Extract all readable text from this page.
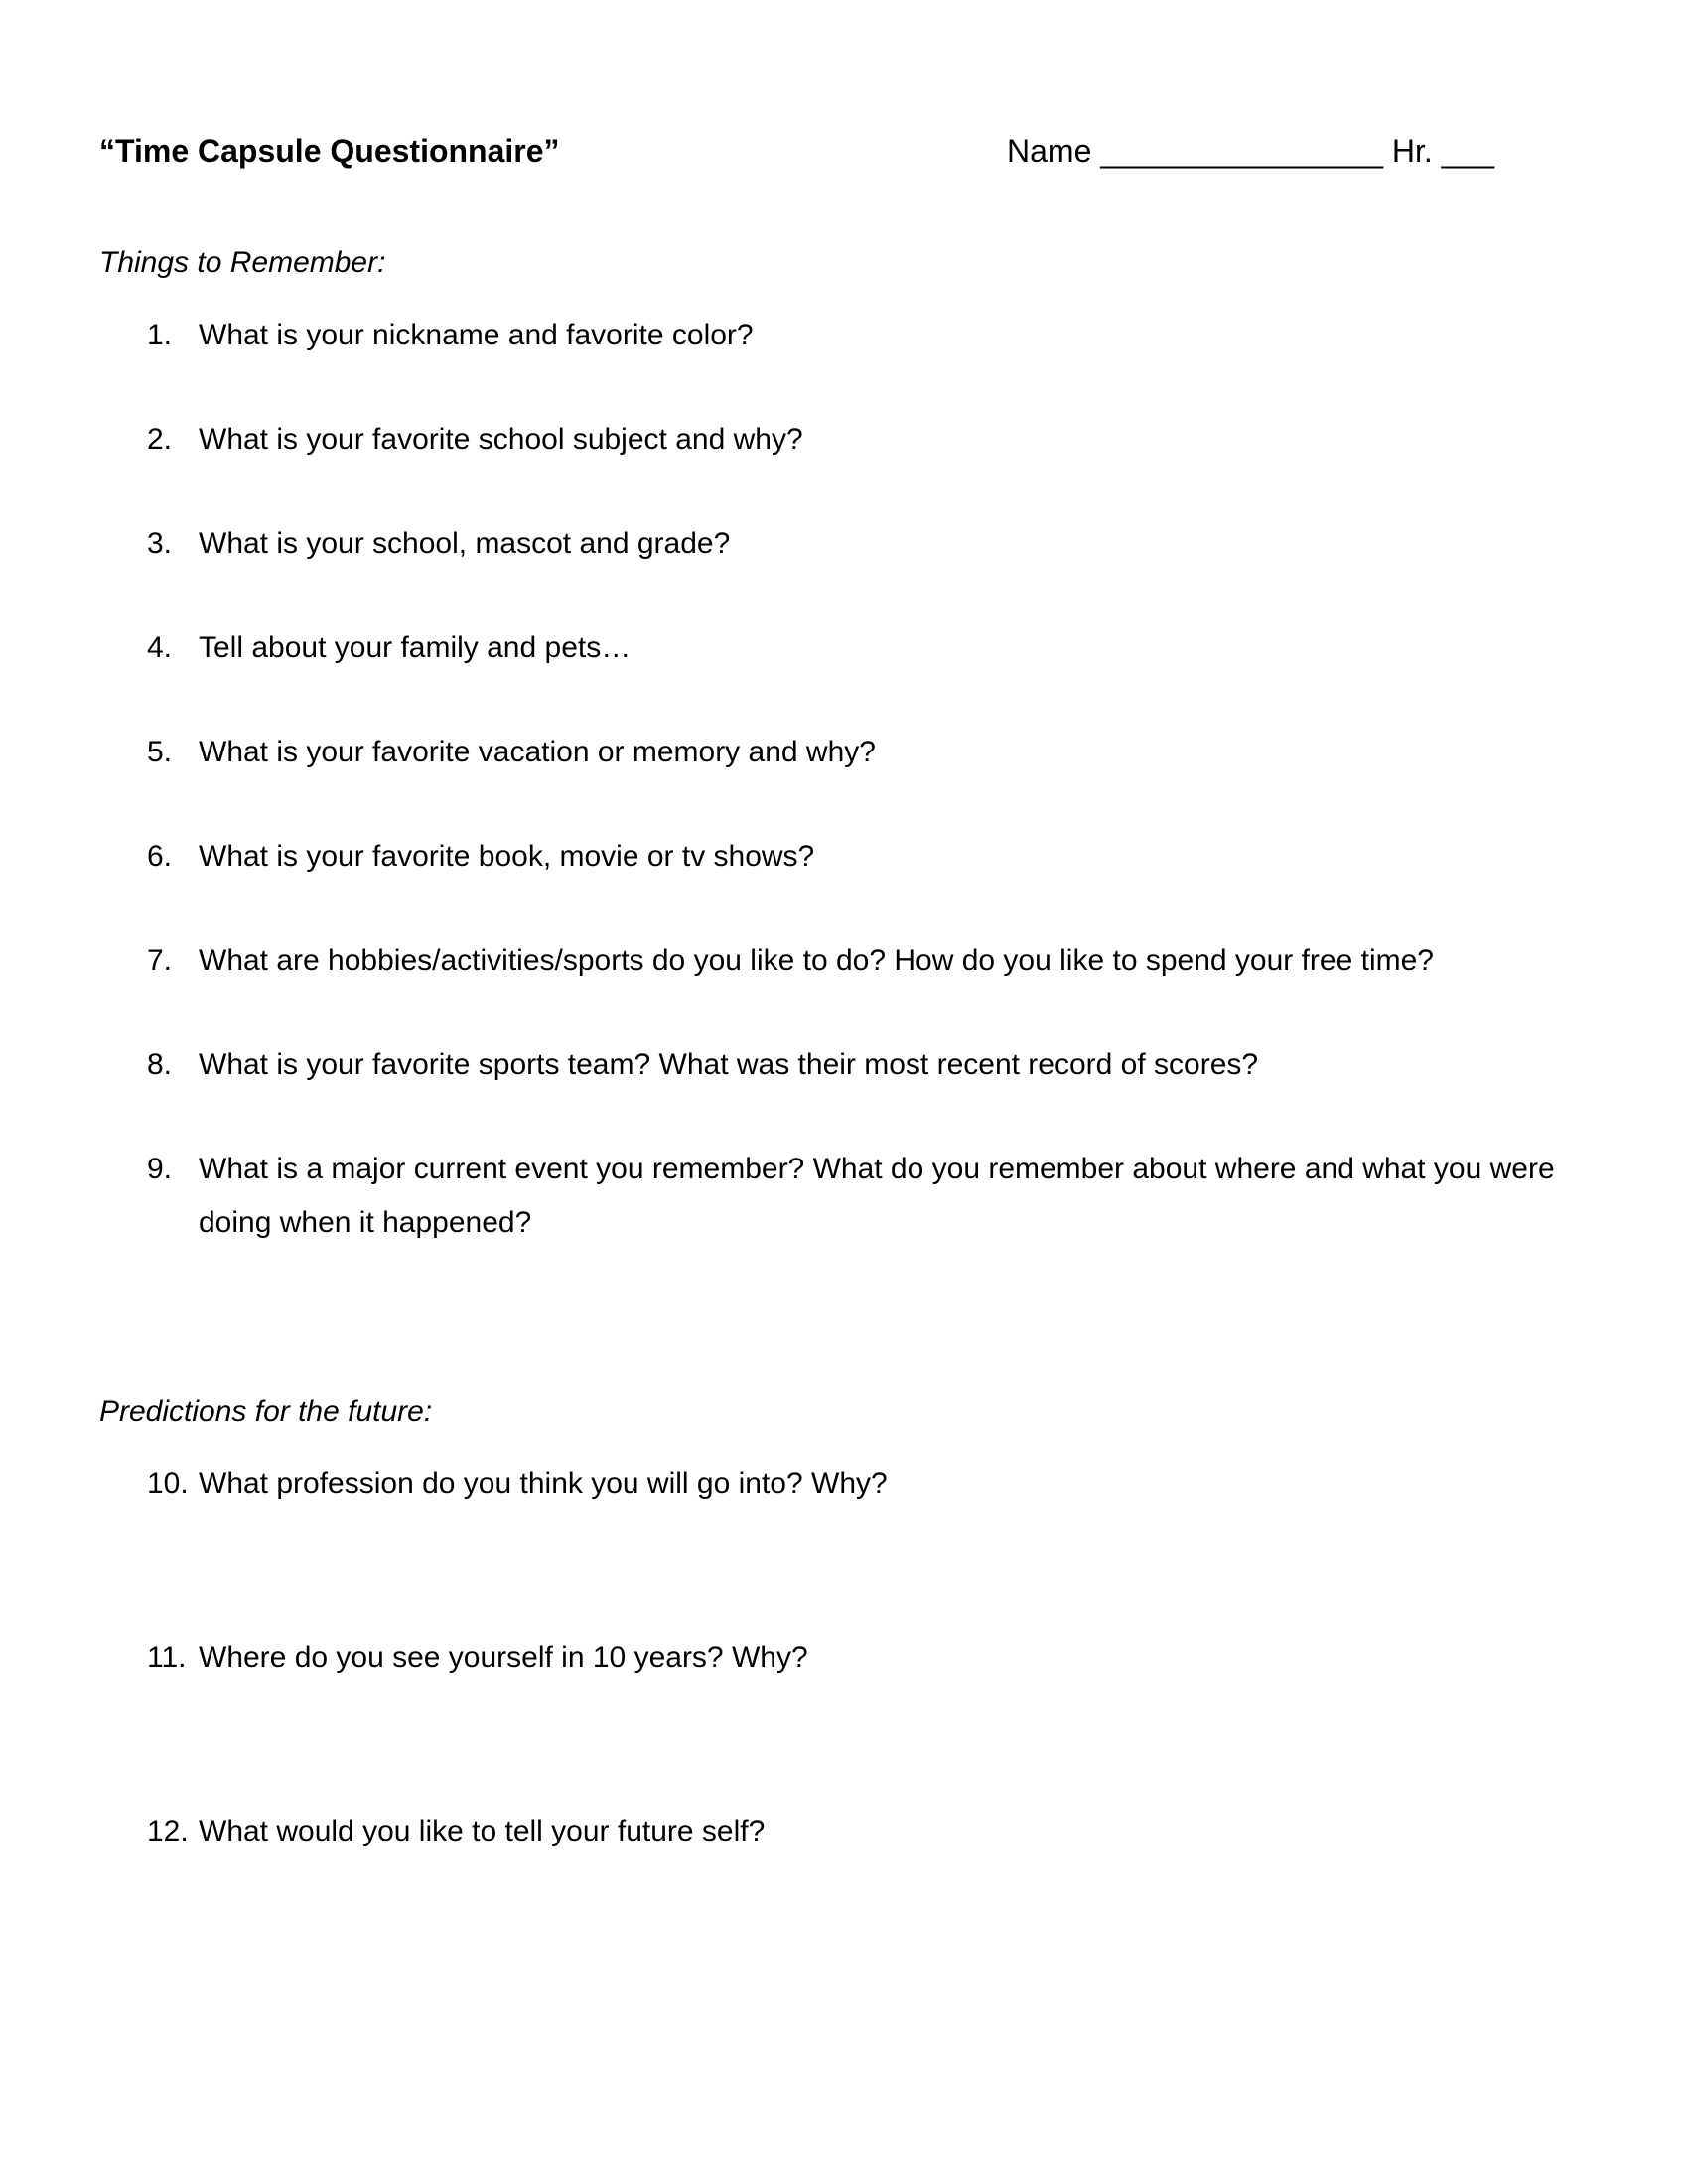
“Time Capsule Questionnaire”	Name ________________ Hr. ___
Things to Remember:
1. What is your nickname and favorite color?
2. What is your favorite school subject and why?
3. What is your school, mascot and grade?
4. Tell about your family and pets…
5. What is your favorite vacation or memory and why?
6. What is your favorite book, movie or tv shows?
7. What are hobbies/activities/sports do you like to do? How do you like to spend your free time?
8. What is your favorite sports team? What was their most recent record of scores?
9. What is a major current event you remember? What do you remember about where and what you were doing when it happened?
Predictions for the future:
10. What profession do you think you will go into? Why?
11. Where do you see yourself in 10 years? Why?
12. What would you like to tell your future self?
